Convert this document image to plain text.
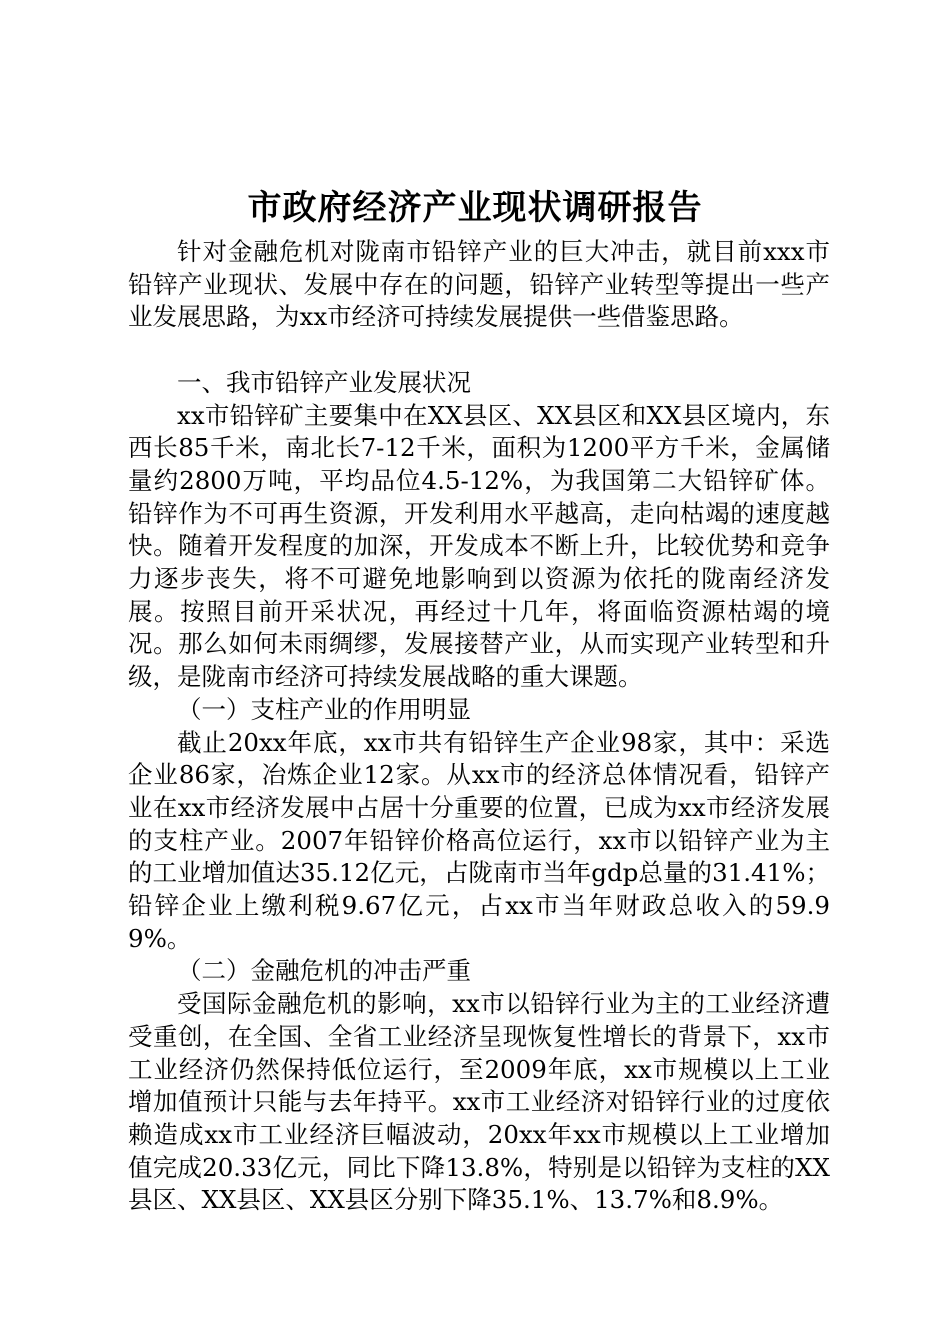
市政府经济产业现状调研报告

针对金融危机对陇南市铅锌产业的巨大冲击，就目前xxx市铅锌产业现状、发展中存在的问题，铅锌产业转型等提出一些产业发展思路，为xx市经济可持续发展提供一些借鉴思路。

一、我市铅锌产业发展状况

xx市铅锌矿主要集中在XX县区、XX县区和XX县区境内，东西长85千米，南北长7-12千米，面积为1200平方千米，金属储量约2800万吨，平均品位4.5-12%，为我国第二大铅锌矿体。铅锌作为不可再生资源，开发利用水平越高，走向枯竭的速度越快。随着开发程度的加深，开发成本不断上升，比较优势和竞争力逐步丧失，将不可避免地影响到以资源为依托的陇南经济发展。按照目前开采状况，再经过十几年，将面临资源枯竭的境况。那么如何未雨绸缪，发展接替产业，从而实现产业转型和升级，是陇南市经济可持续发展战略的重大课题。

（一）支柱产业的作用明显

截止20xx年底，xx市共有铅锌生产企业98家，其中：采选企业86家，冶炼企业12家。从xx市的经济总体情况看，铅锌产业在xx市经济发展中占居十分重要的位置，已成为xx市经济发展的支柱产业。2007年铅锌价格高位运行，xx市以铅锌产业为主的工业增加值达35.12亿元，占陇南市当年gdp总量的31.41%；铅锌企业上缴利税9.67亿元，占xx市当年财政总收入的59.99%。

（二）金融危机的冲击严重

受国际金融危机的影响，xx市以铅锌行业为主的工业经济遭受重创，在全国、全省工业经济呈现恢复性增长的背景下，xx市工业经济仍然保持低位运行，至2009年底，xx市规模以上工业增加值预计只能与去年持平。xx市工业经济对铅锌行业的过度依赖造成xx市工业经济巨幅波动，20xx年xx市规模以上工业增加值完成20.33亿元，同比下降13.8%，特别是以铅锌为支柱的XX县区、XX县区、XX县区分别下降35.1%、13.7%和8.9%。
